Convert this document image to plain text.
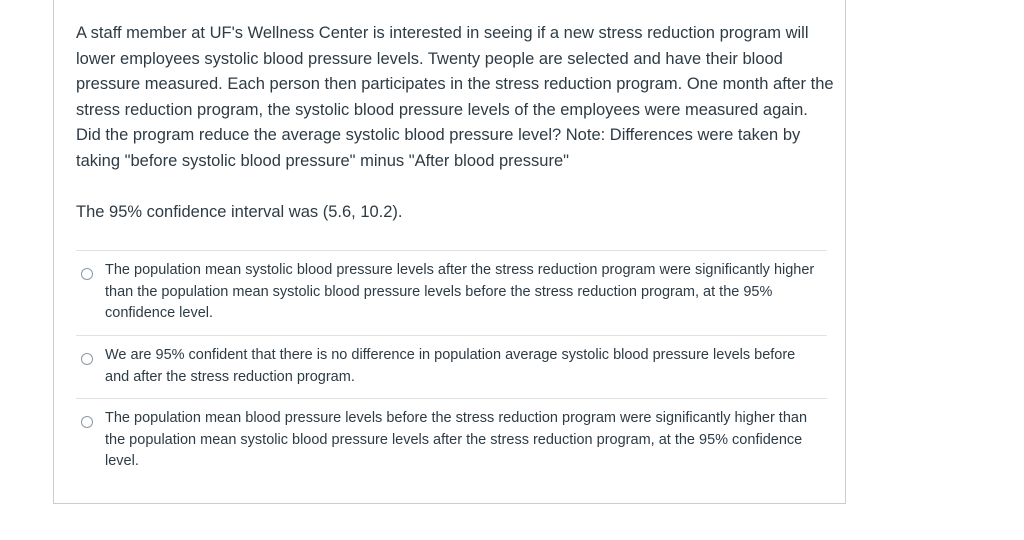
A staff member at UF's Wellness Center is interested in seeing if a new stress reduction program will lower employees systolic blood pressure levels. Twenty people are selected and have their blood pressure measured. Each person then participates in the stress reduction program. One month after the stress reduction program, the systolic blood pressure levels of the employees were measured again. Did the program reduce the average systolic blood pressure level? Note: Differences were taken by taking "before systolic blood pressure" minus "After blood pressure"

The 95% confidence interval was (5.6, 10.2).

The population mean systolic blood pressure levels after the stress reduction program were significantly higher than the population mean systolic blood pressure levels before the stress reduction program, at the 95% confidence level.

We are 95% confident that there is no difference in population average systolic blood pressure levels before and after the stress reduction program.

The population mean blood pressure levels before the stress reduction program were significantly higher than the population mean systolic blood pressure levels after the stress reduction program, at the 95% confidence level.
